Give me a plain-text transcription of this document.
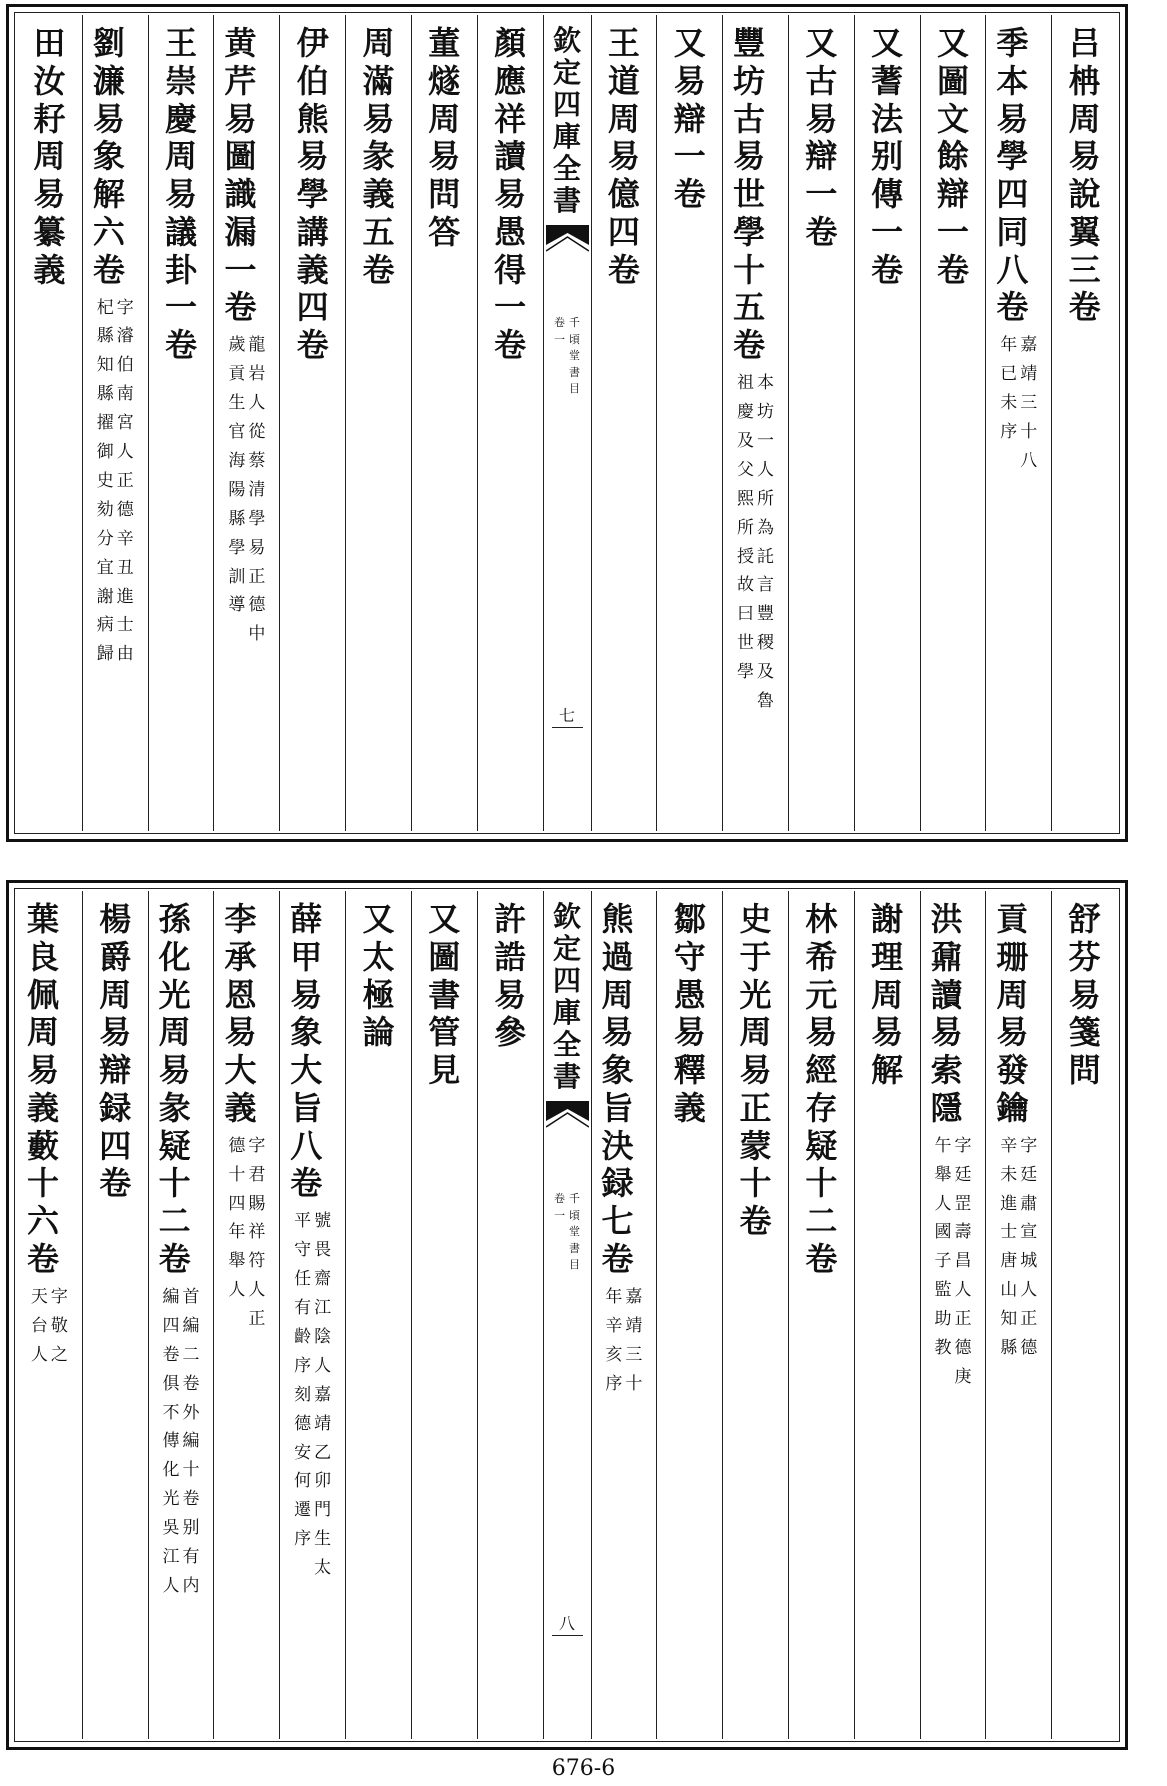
吕
柟
周
易
說
翼
三
卷
季
本
易
學
四
同
八
卷
嘉
靖
三
十
八
年
已
未
序
又
圖
文
餘
辯
一
卷
又
蓍
法
别
傳
一
卷
又
古
易
辯
一
卷
豐
坊
古
易
世
學
十
五
卷
本
坊
一
人
所
為
託
言
豐
稷
及
魯
祖
慶
及
父
熙
所
授
故
曰
世
學
又
易
辯
一
卷
王
道
周
易
億
四
卷
欽
定
四
庫
全
書
千
頃
堂
書
目
卷
一
七
顏
應
祥
讀
易
愚
得
一
卷
董
燧
周
易
問
答
周
滿
易
彖
義
五
卷
伊
伯
熊
易
學
講
義
四
卷
黄
芹
易
圖
識
漏
一
卷
龍
岩
人
從
蔡
清
學
易
正
德
中
歲
貢
生
官
海
陽
縣
學
訓
導
王
崇
慶
周
易
議
卦
一
卷
劉
濂
易
象
解
六
卷
字
濬
伯
南
宮
人
正
德
辛
丑
進
士
由
杞
縣
知
縣
擢
御
史
劾
分
宜
謝
病
歸
田
汝
耔
周
易
纂
義
舒
芬
易
箋
問
貢
珊
周
易
發
鑰
字
廷
肅
宣
城
人
正
德
辛
未
進
士
唐
山
知
縣
洪
鼐
讀
易
索
隱
字
廷
罡
壽
昌
人
正
德
庚
午
舉
人
國
子
監
助
教
謝
理
周
易
解
林
希
元
易
經
存
疑
十
二
卷
史
于
光
周
易
正
蒙
十
卷
鄒
守
愚
易
釋
義
熊
過
周
易
象
旨
決
録
七
卷
嘉
靖
三
十
年
辛
亥
序
欽
定
四
庫
全
書
千
頃
堂
書
目
卷
一
八
許
誥
易
參
又
圖
書
管
見
又
太
極
論
薛
甲
易
象
大
旨
八
卷
號
畏
齋
江
陰
人
嘉
靖
乙
卯
門
生
太
平
守
任
有
齡
序
刻
德
安
何
遷
序
李
承
恩
易
大
義
字
君
賜
祥
符
人
正
德
十
四
年
舉
人
孫
化
光
周
易
彖
疑
十
二
卷
首
編
二
卷
外
編
十
卷
别
有
内
編
四
卷
俱
不
傳
化
光
吳
江
人
楊
爵
周
易
辯
録
四
卷
葉
良
佩
周
易
義
藪
十
六
卷
字
敬
之
天
台
人
676-6
